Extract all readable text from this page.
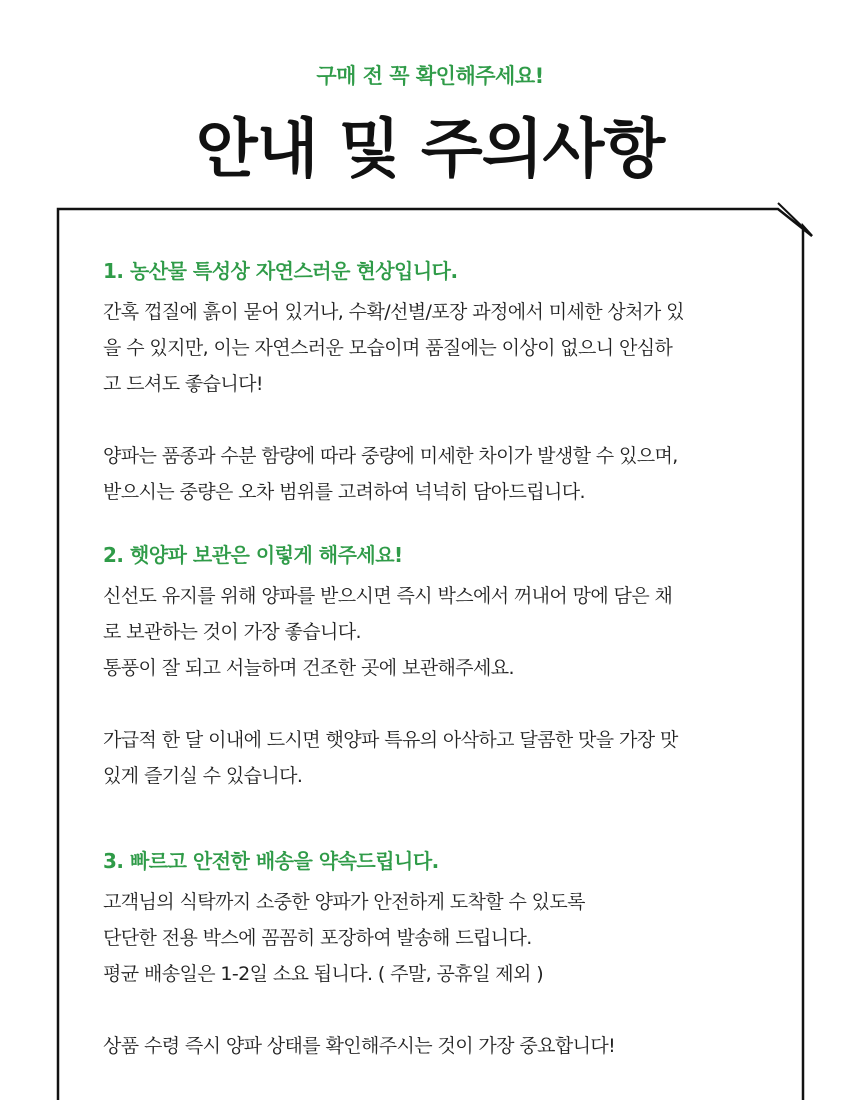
구매 전 꼭 확인해주세요!
안내 및 주의사항
1. 농산물 특성상 자연스러운 현상입니다.

간혹 껍질에 흙이 묻어 있거나, 수확/선별/포장 과정에서 미세한 상처가 있

을 수 있지만, 이는 자연스러운 모습이며 품질에는 이상이 없으니 안심하

고 드셔도 좋습니다!

양파는 품종과 수분 함량에 따라 중량에 미세한 차이가 발생할 수 있으며,

받으시는 중량은 오차 범위를 고려하여 넉넉히 담아드립니다.

2. 햇양파 보관은 이렇게 해주세요!

신선도 유지를 위해 양파를 받으시면 즉시 박스에서 꺼내어 망에 담은 채

로 보관하는 것이 가장 좋습니다.

통풍이 잘 되고 서늘하며 건조한 곳에 보관해주세요.

가급적 한 달 이내에 드시면 햇양파 특유의 아삭하고 달콤한 맛을 가장 맛

있게 즐기실 수 있습니다.

3. 빠르고 안전한 배송을 약속드립니다.

고객님의 식탁까지 소중한 양파가 안전하게 도착할 수 있도록

단단한 전용 박스에 꼼꼼히 포장하여 발송해 드립니다.

평균 배송일은 1-2일 소요 됩니다. ( 주말, 공휴일 제외 )

상품 수령 즉시 양파 상태를 확인해주시는 것이 가장 중요합니다!
